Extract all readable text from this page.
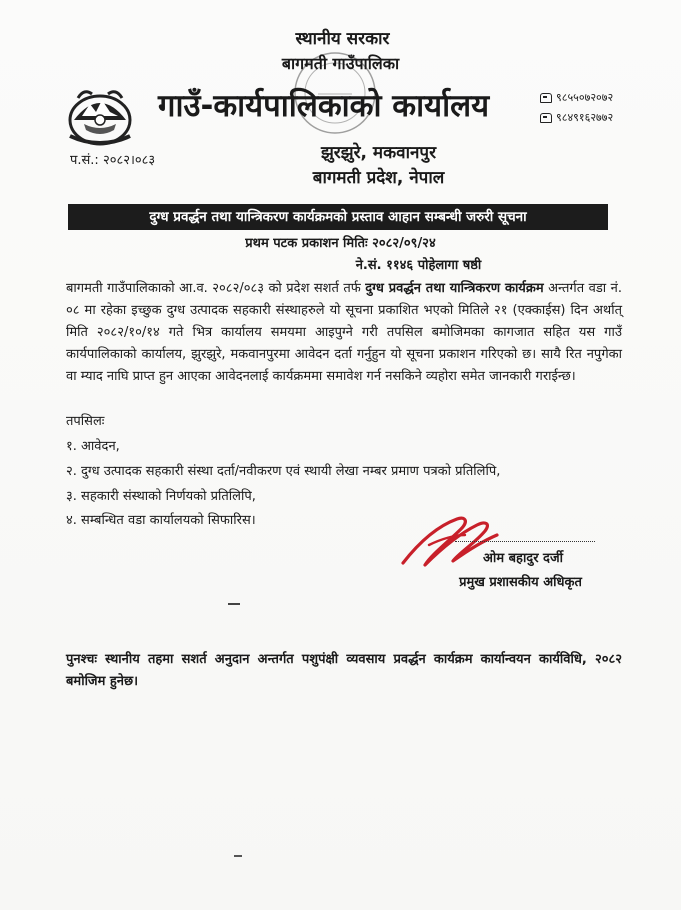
स्थानीय सरकार
बागमती गाउँपालिका
गाउँ-कार्यपालिकाको कार्यालय
झुरझुरे, मकवानपुर
बागमती प्रदेश, नेपाल
प.सं.: २०८२।०८३
९८५५०७२०७२
९८४९१६२७७२
दुग्ध प्रवर्द्धन तथा यान्त्रिकरण कार्यक्रमको प्रस्ताव आहान सम्बन्धी जरुरी सूचना
प्रथम पटक प्रकाशन मितिः २०८२/०९/२४
ने.सं. ११४६ पोहेलागा षष्ठी
बागमती गाउँपालिकाको आ.व. २०८२/०८३ को प्रदेश सशर्त तर्फ दुग्ध प्रवर्द्धन तथा यान्त्रिकरण कार्यक्रम अन्तर्गत वडा नं. ०८ मा रहेका इच्छुक दुग्ध उत्पादक सहकारी संस्थाहरुले यो सूचना प्रकाशित भएको मितिले २१ (एक्काईस) दिन अर्थात् मिति २०८२/१०/१४ गते भित्र कार्यालय समयमा आइपुग्ने गरी तपसिल बमोजिमका कागजात सहित यस गाउँ कार्यपालिकाको कार्यालय, झुरझुरे, मकवानपुरमा आवेदन दर्ता गर्नुहुन यो सूचना प्रकाशन गरिएको छ। सायै रित नपुगेका वा म्याद नाघि प्राप्त हुन आएका आवेदनलाई कार्यक्रममा समावेश गर्न नसकिने व्यहोरा समेत जानकारी गराईन्छ।
तपसिलः
१. आवेदन,
२. दुग्ध उत्पादक सहकारी संस्था दर्ता/नवीकरण एवं स्थायी लेखा नम्बर प्रमाण पत्रको प्रतिलिपि,
३. सहकारी संस्थाको निर्णयको प्रतिलिपि,
४. सम्बन्धित वडा कार्यालयको सिफारिस।
ओम बहादुर दर्जी
प्रमुख प्रशासकीय अधिकृत
पुनश्चः स्थानीय तहमा सशर्त अनुदान अन्तर्गत पशुपंक्षी व्यवसाय प्रवर्द्धन कार्यक्रम कार्यान्वयन कार्यविधि, २०८२ बमोजिम हुनेछ।
